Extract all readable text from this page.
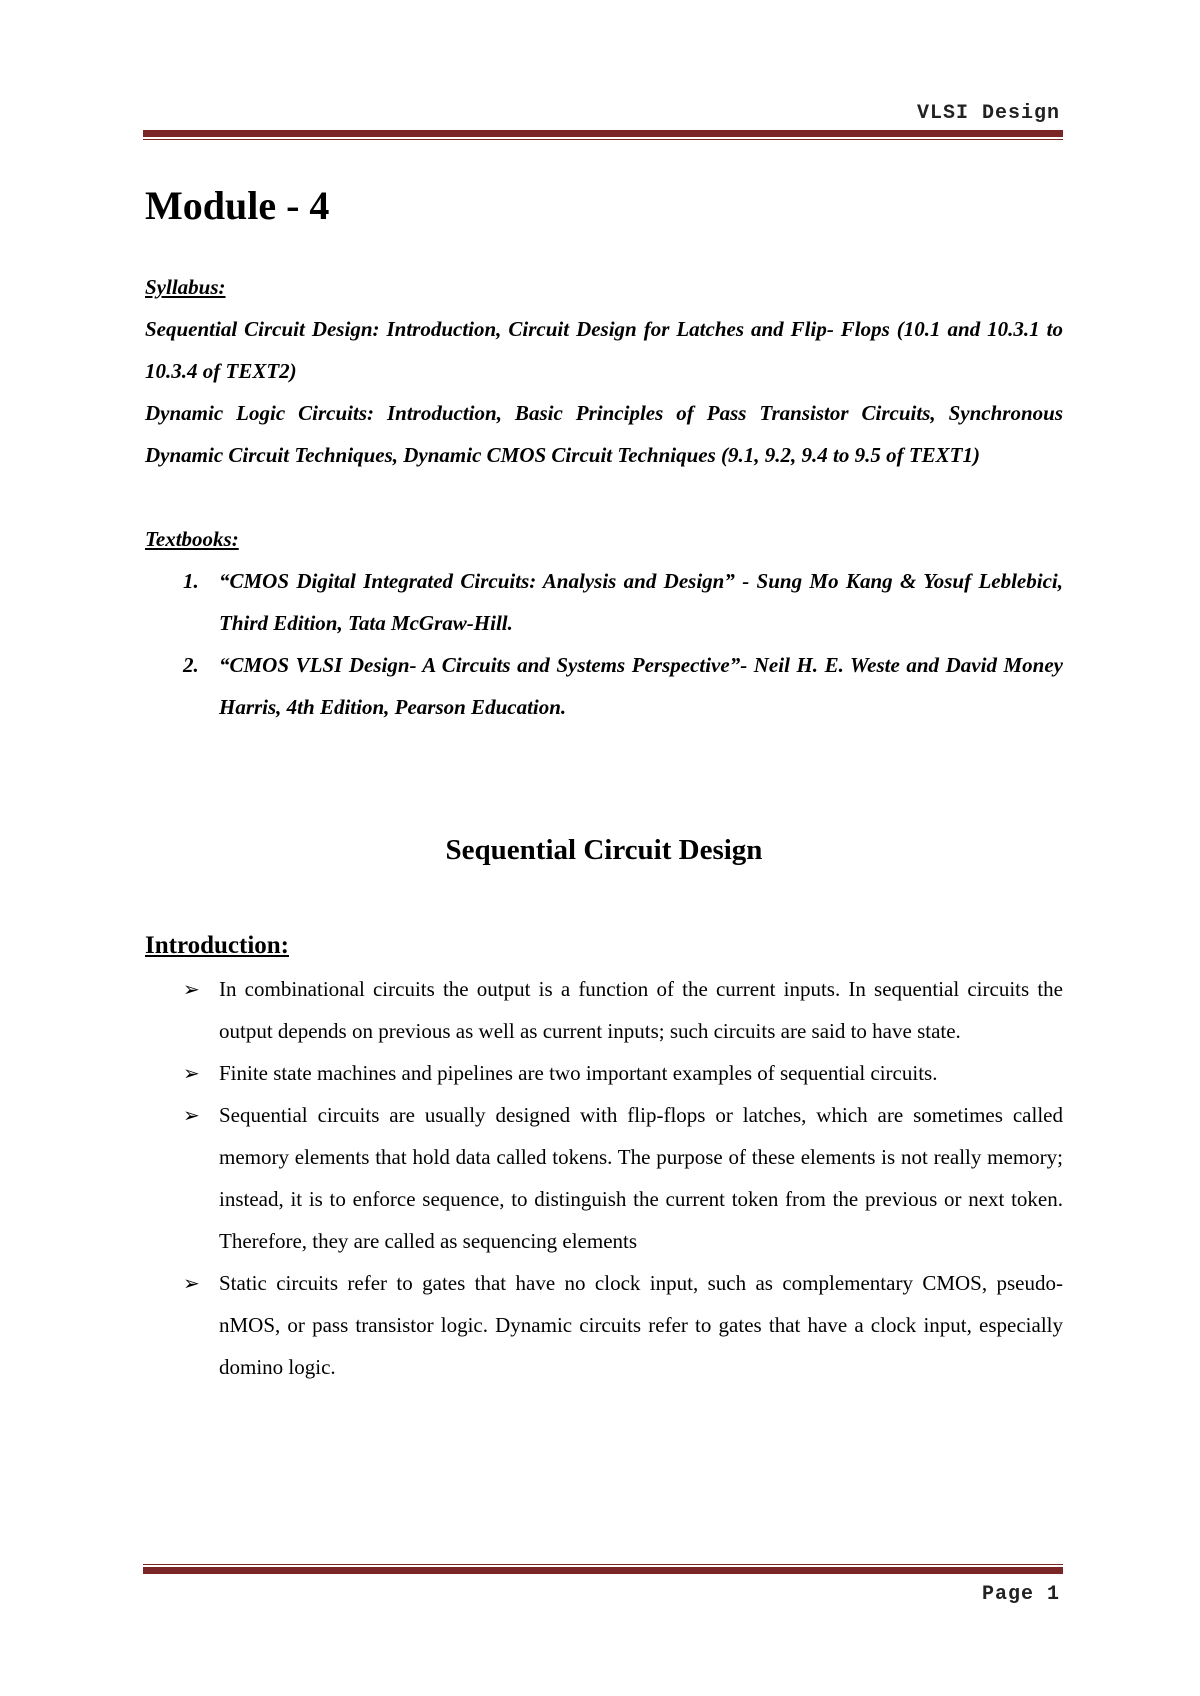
VLSI Design
Module - 4

Syllabus:

Sequential Circuit Design: Introduction, Circuit Design for Latches and Flip- Flops (10.1 and 10.3.1 to 10.3.4 of TEXT2)

Dynamic Logic Circuits: Introduction, Basic Principles of Pass Transistor Circuits, Synchronous Dynamic Circuit Techniques, Dynamic CMOS Circuit Techniques (9.1, 9.2, 9.4 to 9.5 of TEXT1)

Textbooks:

1. “CMOS Digital Integrated Circuits: Analysis and Design” - Sung Mo Kang & Yosuf Leblebici, Third Edition, Tata McGraw-Hill.
2. “CMOS VLSI Design- A Circuits and Systems Perspective”- Neil H. E. Weste and David Money Harris, 4th Edition, Pearson Education.
Sequential Circuit Design
Introduction:
➢ In combinational circuits the output is a function of the current inputs. In sequential circuits the output depends on previous as well as current inputs; such circuits are said to have state.
➢ Finite state machines and pipelines are two important examples of sequential circuits.
➢ Sequential circuits are usually designed with flip-flops or latches, which are sometimes called memory elements that hold data called tokens. The purpose of these elements is not really memory; instead, it is to enforce sequence, to distinguish the current token from the previous or next token. Therefore, they are called as sequencing elements
➢ Static circuits refer to gates that have no clock input, such as complementary CMOS, pseudo-nMOS, or pass transistor logic. Dynamic circuits refer to gates that have a clock input, especially domino logic.
Page 1
